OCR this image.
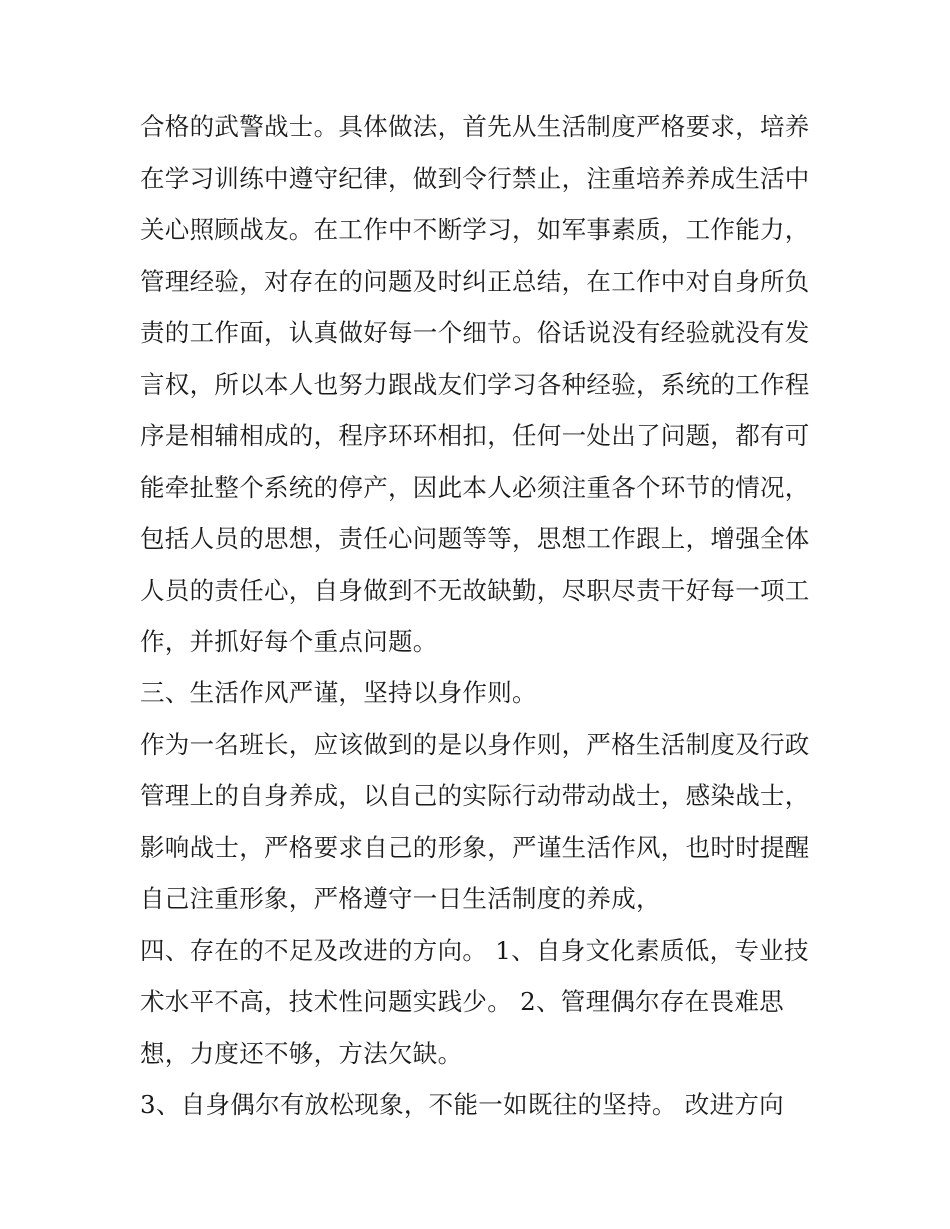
合格的武警战士。具体做法，首先从生活制度严格要求，培养

在学习训练中遵守纪律，做到令行禁止，注重培养养成生活中

关心照顾战友。在工作中不断学习，如军事素质，工作能力，

管理经验，对存在的问题及时纠正总结，在工作中对自身所负

责的工作面，认真做好每一个细节。俗话说没有经验就没有发

言权，所以本人也努力跟战友们学习各种经验，系统的工作程

序是相辅相成的，程序环环相扣，任何一处出了问题，都有可

能牵扯整个系统的停产，因此本人必须注重各个环节的情况，

包括人员的思想，责任心问题等等，思想工作跟上，增强全体

人员的责任心，自身做到不无故缺勤，尽职尽责干好每一项工

作，并抓好每个重点问题。

三、生活作风严谨，坚持以身作则。

作为一名班长，应该做到的是以身作则，严格生活制度及行政

管理上的自身养成，以自己的实际行动带动战士，感染战士，

影响战士，严格要求自己的形象，严谨生活作风，也时时提醒

自己注重形象，严格遵守一日生活制度的养成，

四、存在的不足及改进的方向。 1、自身文化素质低，专业技

术水平不高，技术性问题实践少。 2、管理偶尔存在畏难思

想，力度还不够，方法欠缺。

3、自身偶尔有放松现象，不能一如既往的坚持。 改进方向
